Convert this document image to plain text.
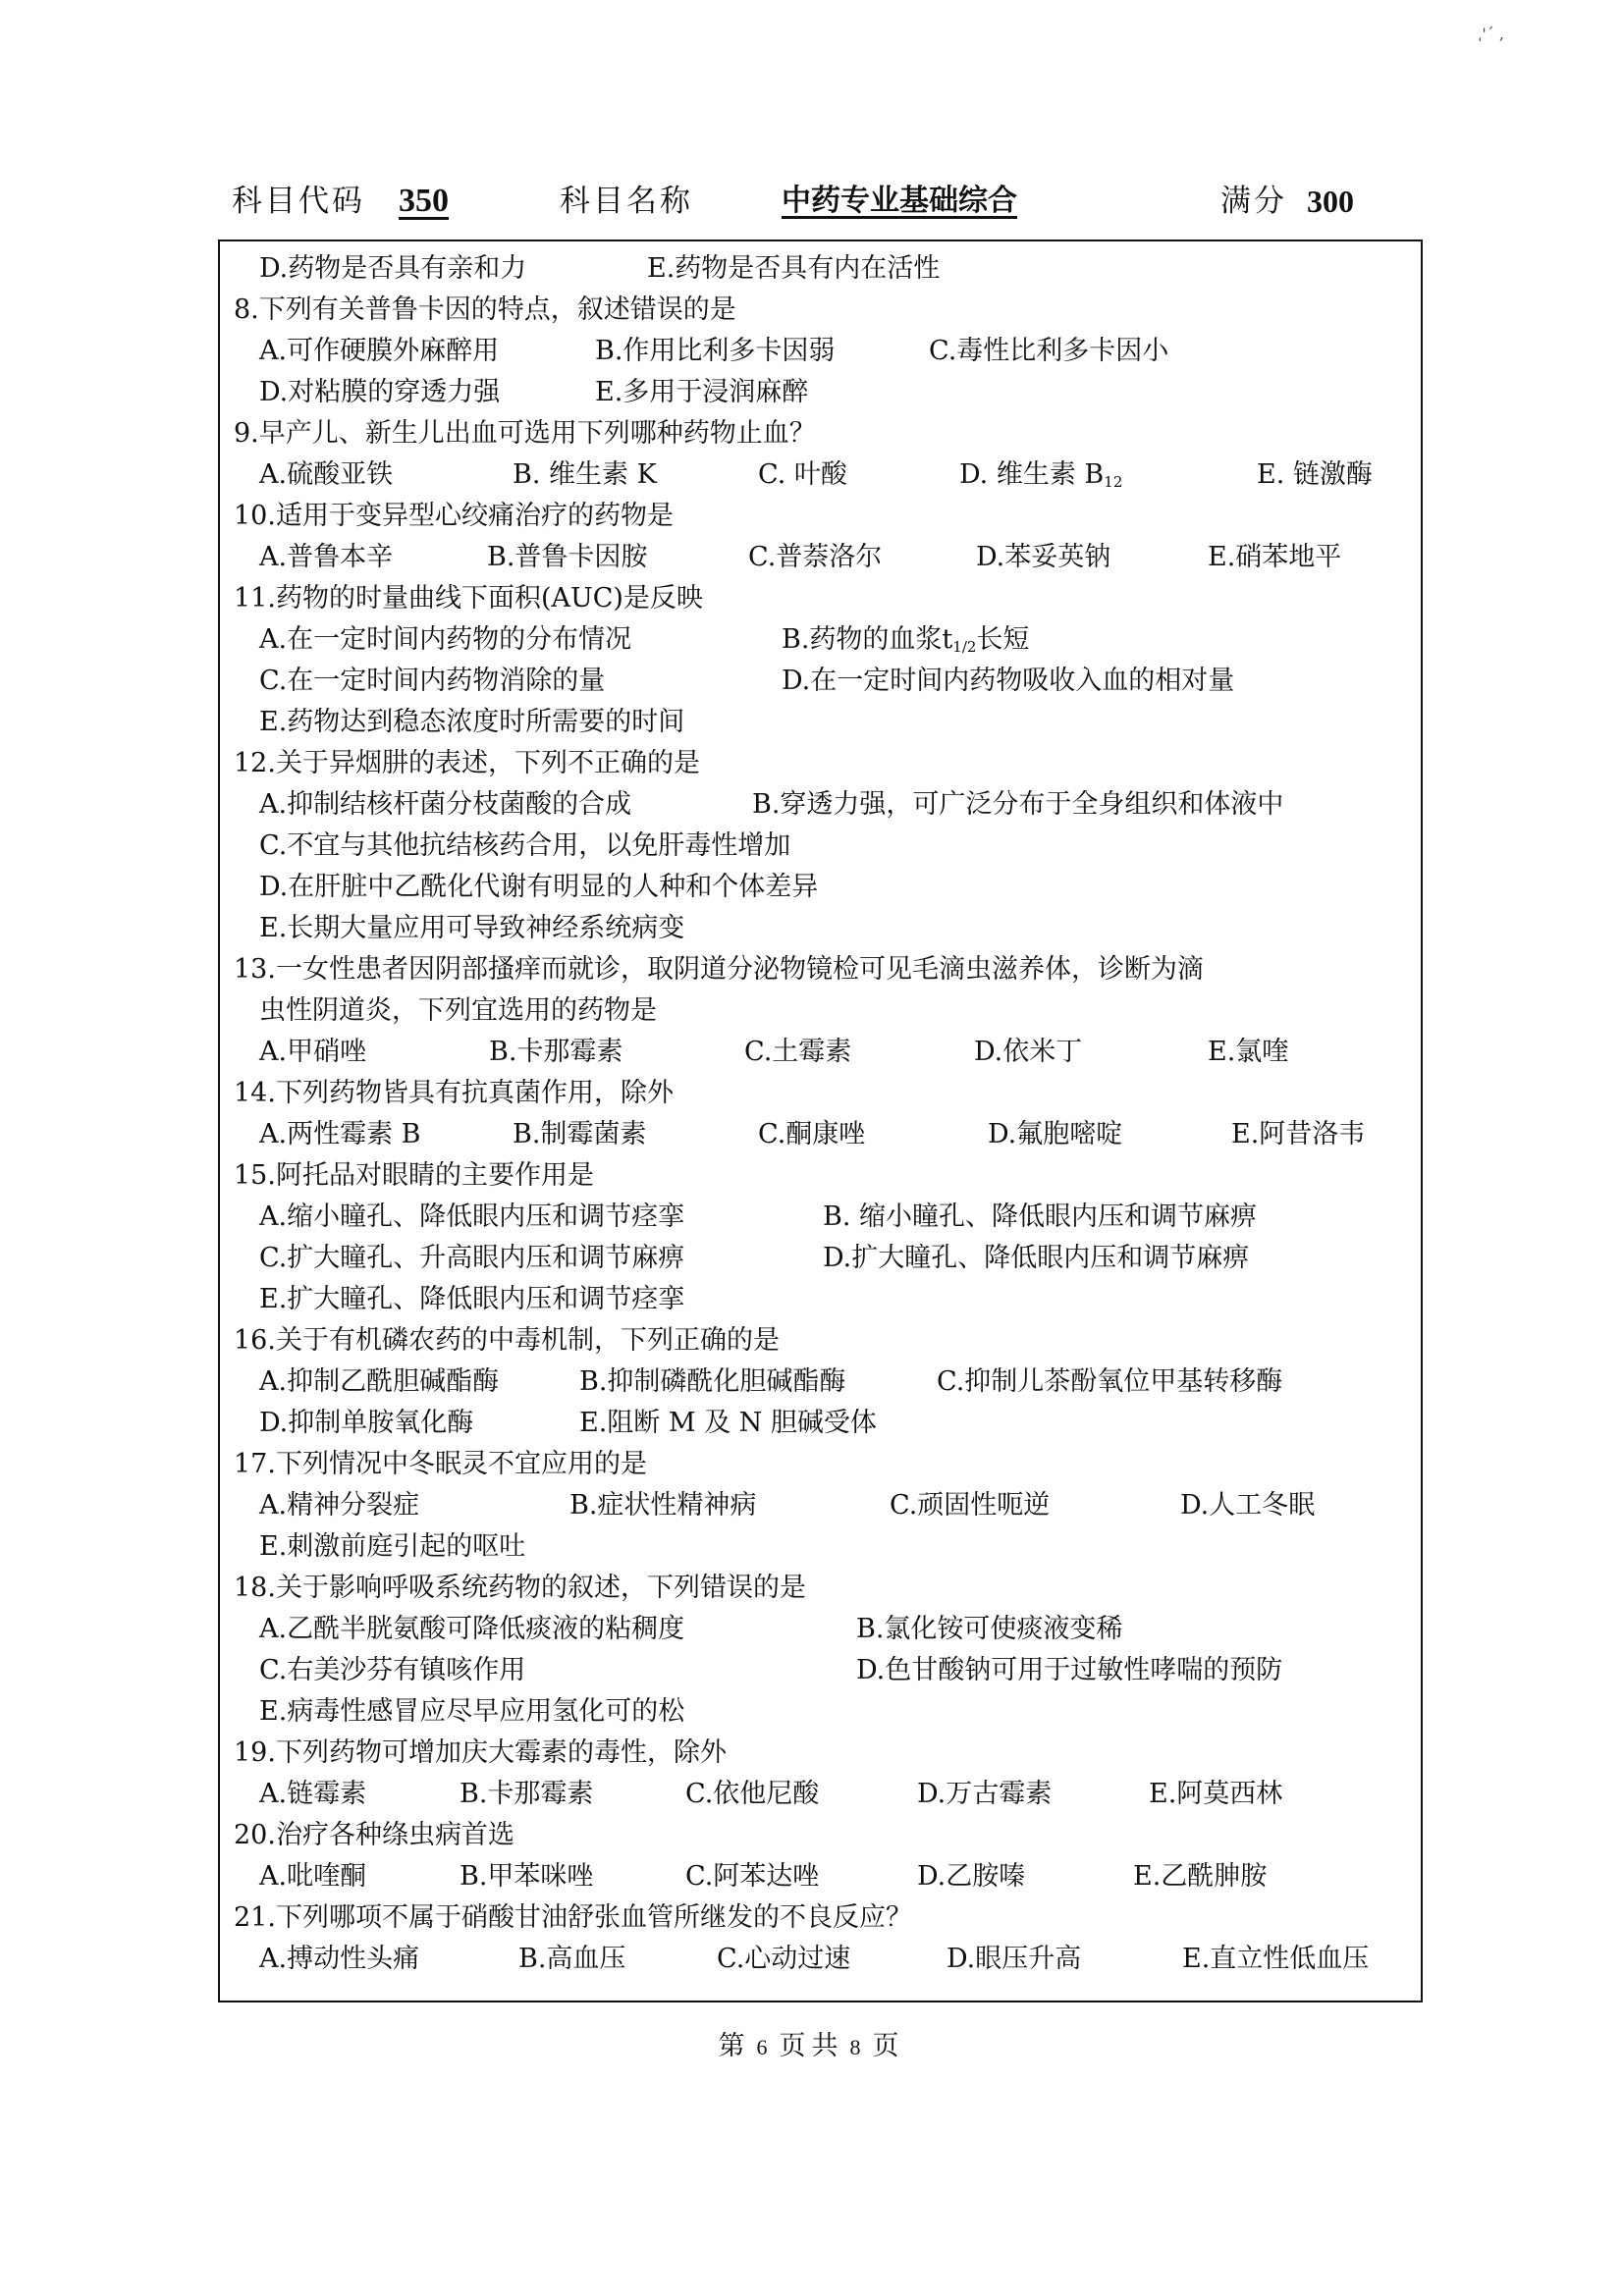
ˌ'´ ,
科目代码 350	科目名称	中药专业基础综合	满分 300
D.药物是否具有亲和力	E.药物是否具有内在活性
8.下列有关普鲁卡因的特点，叙述错误的是
A.可作硬膜外麻醉用	B.作用比利多卡因弱	C.毒性比利多卡因小
D.对粘膜的穿透力强	E.多用于浸润麻醉
9.早产儿、新生儿出血可选用下列哪种药物止血？
A.硫酸亚铁	B. 维生素 K	C. 叶酸	D. 维生素 $B_{12}$	E. 链激酶
10.适用于变异型心绞痛治疗的药物是
A.普鲁本辛	B.普鲁卡因胺	C.普萘洛尔	D.苯妥英钠	E.硝苯地平
11.药物的时量曲线下面积(AUC)是反映
A.在一定时间内药物的分布情况	B.药物的血浆$t_{1/2}$长短
C.在一定时间内药物消除的量	D.在一定时间内药物吸收入血的相对量
E.药物达到稳态浓度时所需要的时间
12.关于异烟肼的表述，下列不正确的是
A.抑制结核杆菌分枝菌酸的合成	B.穿透力强，可广泛分布于全身组织和体液中
C.不宜与其他抗结核药合用，以免肝毒性增加
D.在肝脏中乙酰化代谢有明显的人种和个体差异
E.长期大量应用可导致神经系统病变
13.一女性患者因阴部搔痒而就诊，取阴道分泌物镜检可见毛滴虫滋养体，诊断为滴
虫性阴道炎，下列宜选用的药物是
A.甲硝唑	B.卡那霉素	C.土霉素	D.依米丁	E.氯喹
14.下列药物皆具有抗真菌作用，除外
A.两性霉素 B	B.制霉菌素	C.酮康唑	D.氟胞嘧啶	E.阿昔洛韦
15.阿托品对眼睛的主要作用是
A.缩小瞳孔、降低眼内压和调节痉挛	B. 缩小瞳孔、降低眼内压和调节麻痹
C.扩大瞳孔、升高眼内压和调节麻痹	D.扩大瞳孔、降低眼内压和调节麻痹
E.扩大瞳孔、降低眼内压和调节痉挛
16.关于有机磷农药的中毒机制，下列正确的是
A.抑制乙酰胆碱酯酶	B.抑制磷酰化胆碱酯酶	C.抑制儿茶酚氧位甲基转移酶
D.抑制单胺氧化酶	E.阻断 M 及 N 胆碱受体
17.下列情况中冬眠灵不宜应用的是
A.精神分裂症	B.症状性精神病	C.顽固性呃逆	D.人工冬眠
E.刺激前庭引起的呕吐
18.关于影响呼吸系统药物的叙述，下列错误的是
A.乙酰半胱氨酸可降低痰液的粘稠度	B.氯化铵可使痰液变稀
C.右美沙芬有镇咳作用	D.色甘酸钠可用于过敏性哮喘的预防
E.病毒性感冒应尽早应用氢化可的松
19.下列药物可增加庆大霉素的毒性，除外
A.链霉素	B.卡那霉素	C.依他尼酸	D.万古霉素	E.阿莫西林
20.治疗各种绦虫病首选
A.吡喹酮	B.甲苯咪唑	C.阿苯达唑	D.乙胺嗪	E.乙酰胂胺
21.下列哪项不属于硝酸甘油舒张血管所继发的不良反应？
A.搏动性头痛	B.高血压	C.心动过速	D.眼压升高	E.直立性低血压
第 6 页共 8 页
